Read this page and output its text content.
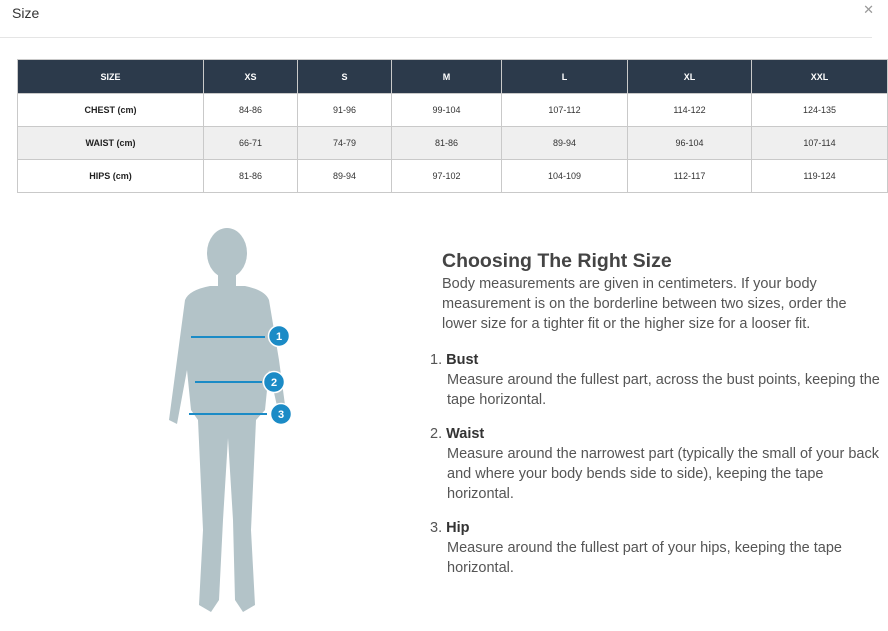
Size	✕
SIZE	XS	S	M	L	XL	XXL
CHEST (cm)	84-86	91-96	99-104	107-112	114-122	124-135
WAIST (cm)	66-71	74-79	81-86	89-94	96-104	107-114
HIPS (cm)	81-86	89-94	97-102	104-109	112-117	119-124
1
2
3
Choosing The Right Size

Body measurements are given in centimeters. If your body measurement is on the borderline between two sizes, order the lower size for a tighter fit or the higher size for a looser fit.

1. Bust
Measure around the fullest part, across the bust points, keeping the tape horizontal.
2. Waist
Measure around the narrowest part (typically the small of your back and where your body bends side to side), keeping the tape horizontal.
3. Hip
Measure around the fullest part of your hips, keeping the tape horizontal.
